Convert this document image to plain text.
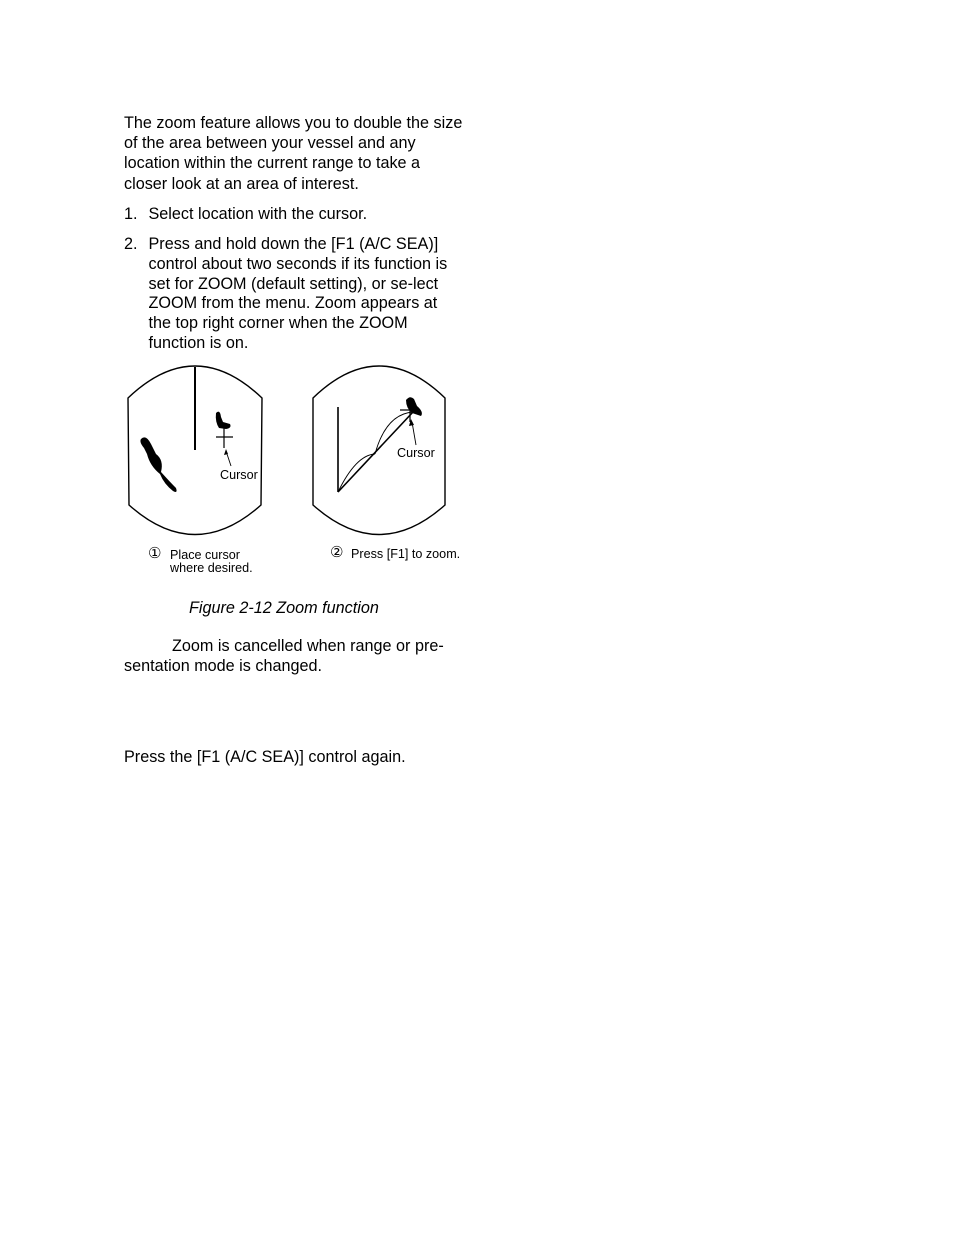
The zoom feature allows you to double the size of the area between your vessel and any location within the current range to take a closer look at an area of interest.

1. Select location with the cursor.
2. Press and hold down the [F1 (A/C SEA)] control about two seconds if its function is set for ZOOM (default setting), or se-lect ZOOM from the menu. Zoom appears at the top right corner when the ZOOM function is on.
Cursor
Cursor
① Place cursor
where desired.
② Press [F1] to zoom.

Figure 2-12 Zoom function

Zoom is cancelled when range or pre-sentation mode is changed.

Press the [F1 (A/C SEA)] control again.
